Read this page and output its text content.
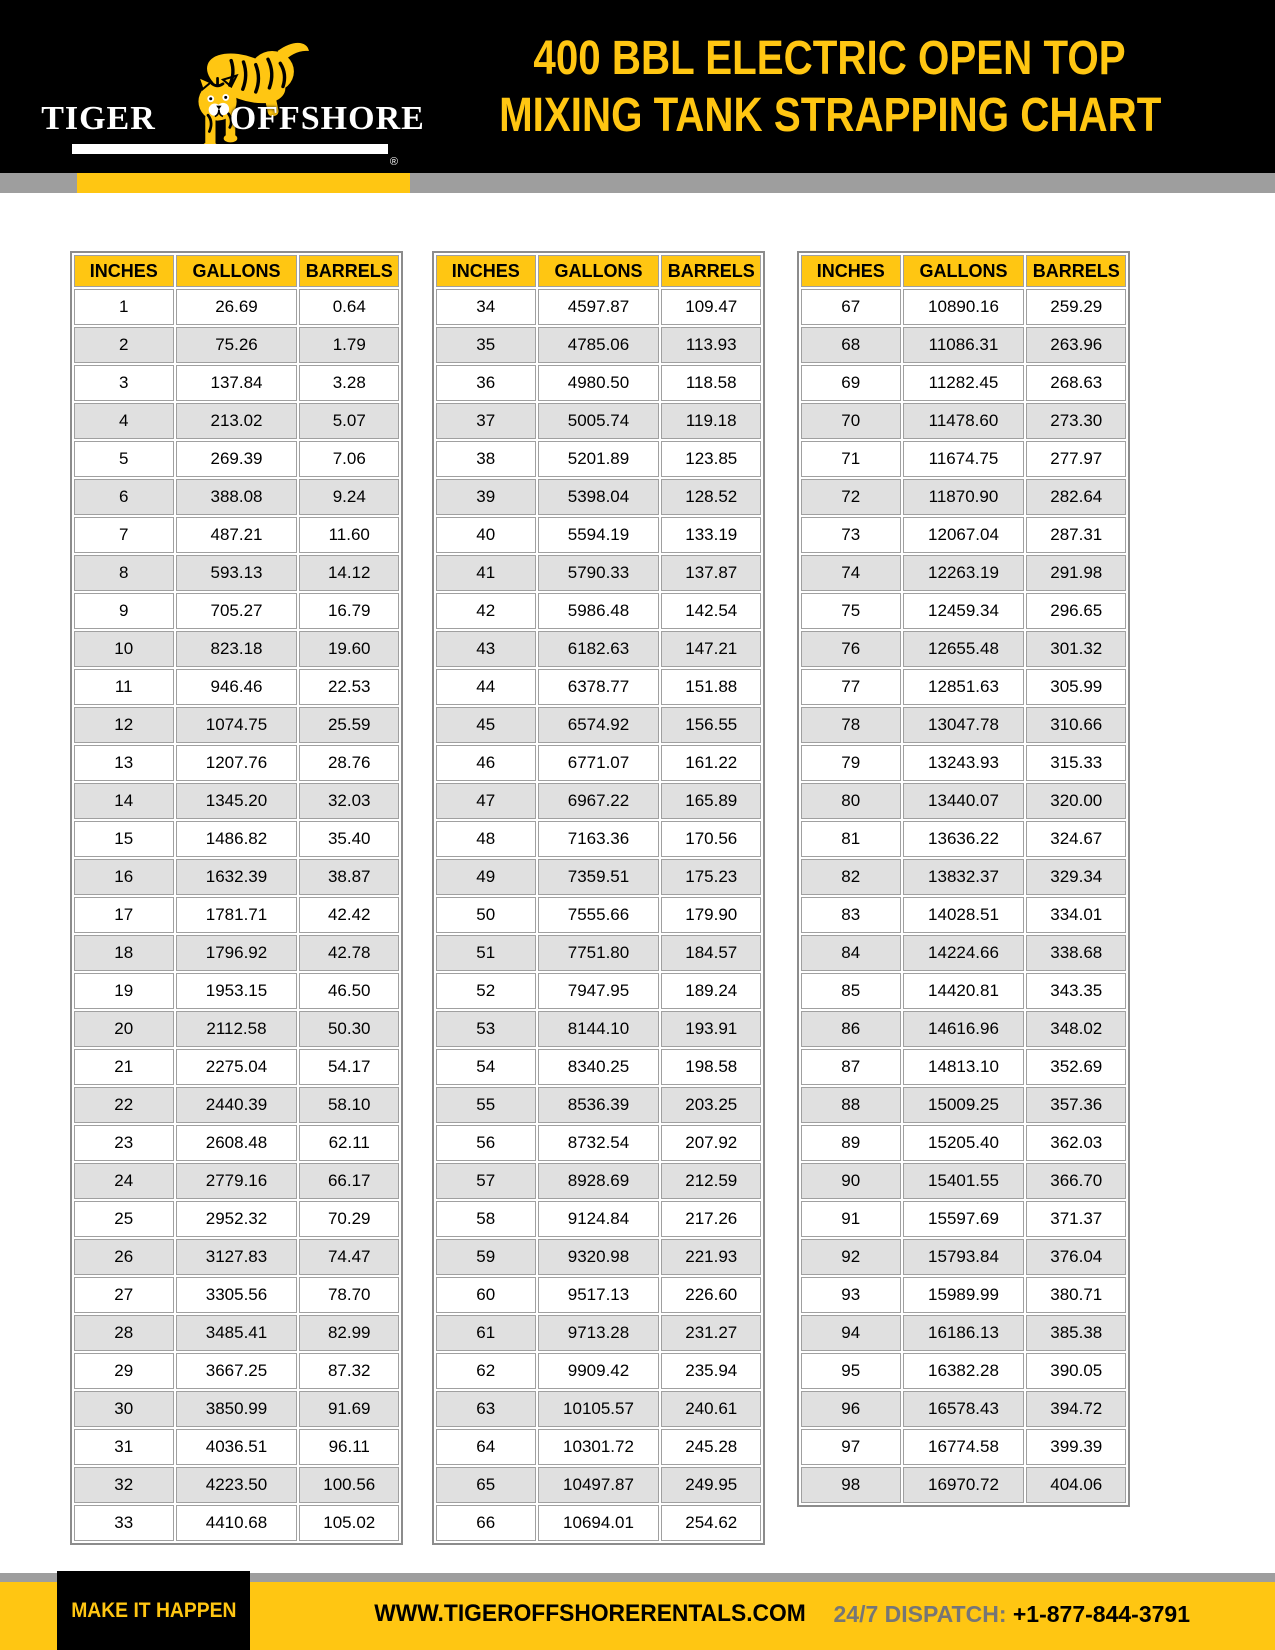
TIGER OFFSHORE
®
400 BBL ELECTRIC OPEN TOP
MIXING TANK STRAPPING CHART
INCHES	GALLONS	BARRELS
1	26.69	0.64
2	75.26	1.79
3	137.84	3.28
4	213.02	5.07
5	269.39	7.06
6	388.08	9.24
7	487.21	11.60
8	593.13	14.12
9	705.27	16.79
10	823.18	19.60
11	946.46	22.53
12	1074.75	25.59
13	1207.76	28.76
14	1345.20	32.03
15	1486.82	35.40
16	1632.39	38.87
17	1781.71	42.42
18	1796.92	42.78
19	1953.15	46.50
20	2112.58	50.30
21	2275.04	54.17
22	2440.39	58.10
23	2608.48	62.11
24	2779.16	66.17
25	2952.32	70.29
26	3127.83	74.47
27	3305.56	78.70
28	3485.41	82.99
29	3667.25	87.32
30	3850.99	91.69
31	4036.51	96.11
32	4223.50	100.56
33	4410.68	105.02
INCHES	GALLONS	BARRELS
34	4597.87	109.47
35	4785.06	113.93
36	4980.50	118.58
37	5005.74	119.18
38	5201.89	123.85
39	5398.04	128.52
40	5594.19	133.19
41	5790.33	137.87
42	5986.48	142.54
43	6182.63	147.21
44	6378.77	151.88
45	6574.92	156.55
46	6771.07	161.22
47	6967.22	165.89
48	7163.36	170.56
49	7359.51	175.23
50	7555.66	179.90
51	7751.80	184.57
52	7947.95	189.24
53	8144.10	193.91
54	8340.25	198.58
55	8536.39	203.25
56	8732.54	207.92
57	8928.69	212.59
58	9124.84	217.26
59	9320.98	221.93
60	9517.13	226.60
61	9713.28	231.27
62	9909.42	235.94
63	10105.57	240.61
64	10301.72	245.28
65	10497.87	249.95
66	10694.01	254.62
INCHES	GALLONS	BARRELS
67	10890.16	259.29
68	11086.31	263.96
69	11282.45	268.63
70	11478.60	273.30
71	11674.75	277.97
72	11870.90	282.64
73	12067.04	287.31
74	12263.19	291.98
75	12459.34	296.65
76	12655.48	301.32
77	12851.63	305.99
78	13047.78	310.66
79	13243.93	315.33
80	13440.07	320.00
81	13636.22	324.67
82	13832.37	329.34
83	14028.51	334.01
84	14224.66	338.68
85	14420.81	343.35
86	14616.96	348.02
87	14813.10	352.69
88	15009.25	357.36
89	15205.40	362.03
90	15401.55	366.70
91	15597.69	371.37
92	15793.84	376.04
93	15989.99	380.71
94	16186.13	385.38
95	16382.28	390.05
96	16578.43	394.72
97	16774.58	399.39
98	16970.72	404.06
MAKE IT HAPPEN	WWW.TIGEROFFSHORERENTALS.COM	24/7 DISPATCH: +1-877-844-3791
